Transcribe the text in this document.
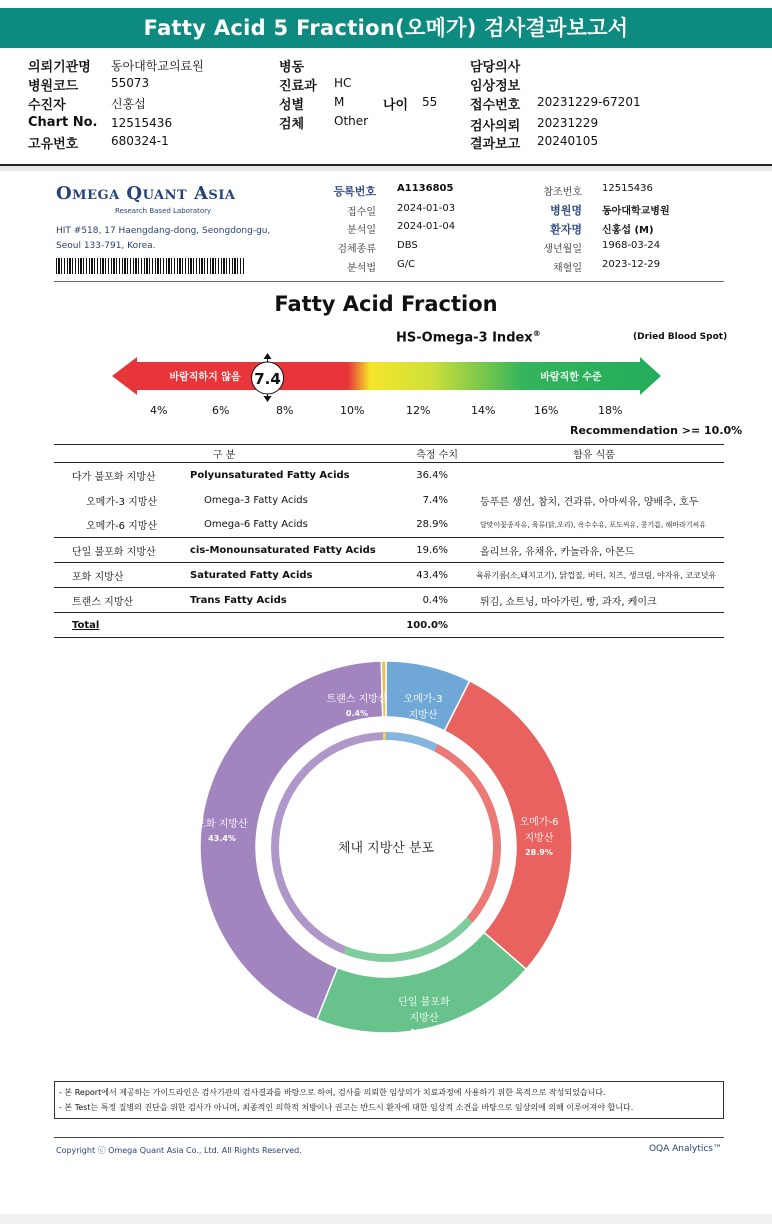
Fatty Acid 5 Fraction(오메가) 검사결과보고서
의뢰기관명 동아대학교의료원
병원코드	55073
수진자	신홍섭
Chart No. 12515436
고유번호	680324-1
병동
진료과 HC
성별 M
검체 Other
나이 55
담당의사
임상정보
접수번호 20231229-67201
검사의뢰 20231229
결과보고 20240105
Omega Quant Asia
Research Based Laboratory
HIT #518, 17 Haengdang-dong, Seongdong-gu,
Seoul 133-791, Korea.
등록번호 A1136805
접수일 2024-01-03
분석일 2024-01-04
검체종류 DBS
분석법 G/C
참조번호 12515436
병원명 동아대학교병원
환자명 신홍섭 (M)
생년월일 1968-03-24
채혈일 2023-12-29
Fatty Acid Fraction
HS-Omega-3 Index®	(Dried Blood Spot)
바람직하지 않음	바람직한 수준
7.4
4%	6%	8%	10%	12%	14%	16%	18%
Recommendation >= 10.0%
구 분		측정 수치	함유 식품
다가 불포화 지방산	Polyunsaturated Fatty Acids	36.4%	
오메가-3 지방산	Omega-3 Fatty Acids	7.4%	등푸른 생선, 참치, 견과류, 아마씨유, 양배추, 호두
오메가-6 지방산	Omega-6 Fatty Acids	28.9%	달맞이꽃종자유, 육류(닭,오리), 옥수수유, 포도씨유, 콩기름, 해바라기씨유
단일 불포화 지방산	cis-Monounsaturated Fatty Acids	19.6%	올리브유, 유채유, 카놀라유, 아몬드
포화 지방산	Saturated Fatty Acids	43.4%	육류기름(소,돼지고기), 닭껍질, 버터, 치즈, 생크림, 야자유, 코코넛유
트랜스 지방산	Trans Fatty Acids	0.4%	튀김, 쇼트닝, 마아가린, 빵, 과자, 케이크
Total		100.0%	
오메가-3 지방산 7.4%
오메가-6 지방산 28.9%
단일 불포화 지방산 19.6%
포화 지방산 43.4%
트랜스 지방산 0.4%
체내 지방산 분포
- 본 Report에서 제공하는 가이드라인은 검사기관의 검사결과를 바탕으로 하여, 검사를 의뢰한 임상의가 치료과정에 사용하기 위한 목적으로 작성되었습니다.
- 본 Test는 특정 질병의 진단을 위한 검사가 아니며, 최종적인 의학적 처방이나 권고는 반드시 환자에 대한 임상적 소견을 바탕으로 임상의에 의해 이루어져야 합니다.
Copyright ⓒ Omega Quant Asia Co., Ltd. All Rights Reserved.	OQA Analytics™
